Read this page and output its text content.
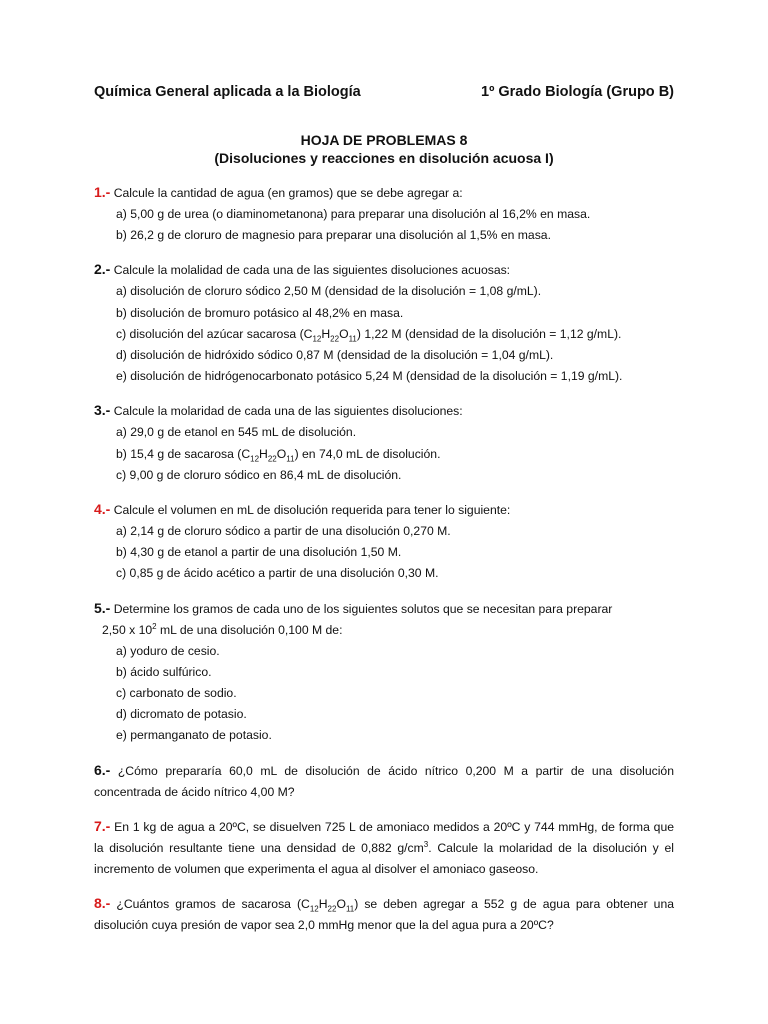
Química General aplicada a la Biología	1º Grado Biología (Grupo B)
HOJA DE PROBLEMAS 8
(Disoluciones y reacciones en disolución acuosa I)
1.- Calcule la cantidad de agua (en gramos) que se debe agregar a:
a) 5,00 g de urea (o diaminometanona) para preparar una disolución al 16,2% en masa.
b) 26,2 g de cloruro de magnesio para preparar una disolución al 1,5% en masa.
2.- Calcule la molalidad de cada una de las siguientes disoluciones acuosas:
a) disolución de cloruro sódico 2,50 M (densidad de la disolución = 1,08 g/mL).
b) disolución de bromuro potásico al 48,2% en masa.
c) disolución del azúcar sacarosa $(C_{12}H_{22}O_{11})$ 1,22 M (densidad de la disolución = 1,12 g/mL).
d) disolución de hidróxido sódico 0,87 M (densidad de la disolución = 1,04 g/mL).
e) disolución de hidrógenocarbonato potásico 5,24 M (densidad de la disolución = 1,19 g/mL).
3.- Calcule la molaridad de cada una de las siguientes disoluciones:
a) 29,0 g de etanol en 545 mL de disolución.
b) 15,4 g de sacarosa $(C_{12}H_{22}O_{11})$ en 74,0 mL de disolución.
c) 9,00 g de cloruro sódico en 86,4 mL de disolución.
4.- Calcule el volumen en mL de disolución requerida para tener lo siguiente:
a) 2,14 g de cloruro sódico a partir de una disolución 0,270 M.
b) 4,30 g de etanol a partir de una disolución 1,50 M.
c) 0,85 g de ácido acético a partir de una disolución 0,30 M.
5.- Determine los gramos de cada uno de los siguientes solutos que se necesitan para preparar
2,50 x $10^2$ mL de una disolución 0,100 M de:
a) yoduro de cesio.
b) ácido sulfúrico.
c) carbonato de sodio.
d) dicromato de potasio.
e) permanganato de potasio.
6.- ¿Cómo prepararía 60,0 mL de disolución de ácido nítrico 0,200 M a partir de una disolución concentrada de ácido nítrico 4,00 M?
7.- En 1 kg de agua a 20ºC, se disuelven 725 L de amoniaco medidos a 20ºC y 744 mmHg, de forma que la disolución resultante tiene una densidad de 0,882 $g/cm^3$. Calcule la molaridad de la disolución y el incremento de volumen que experimenta el agua al disolver el amoniaco gaseoso.
8.- ¿Cuántos gramos de sacarosa $(C_{12}H_{22}O_{11})$ se deben agregar a 552 g de agua para obtener una disolución cuya presión de vapor sea 2,0 mmHg menor que la del agua pura a 20ºC?
